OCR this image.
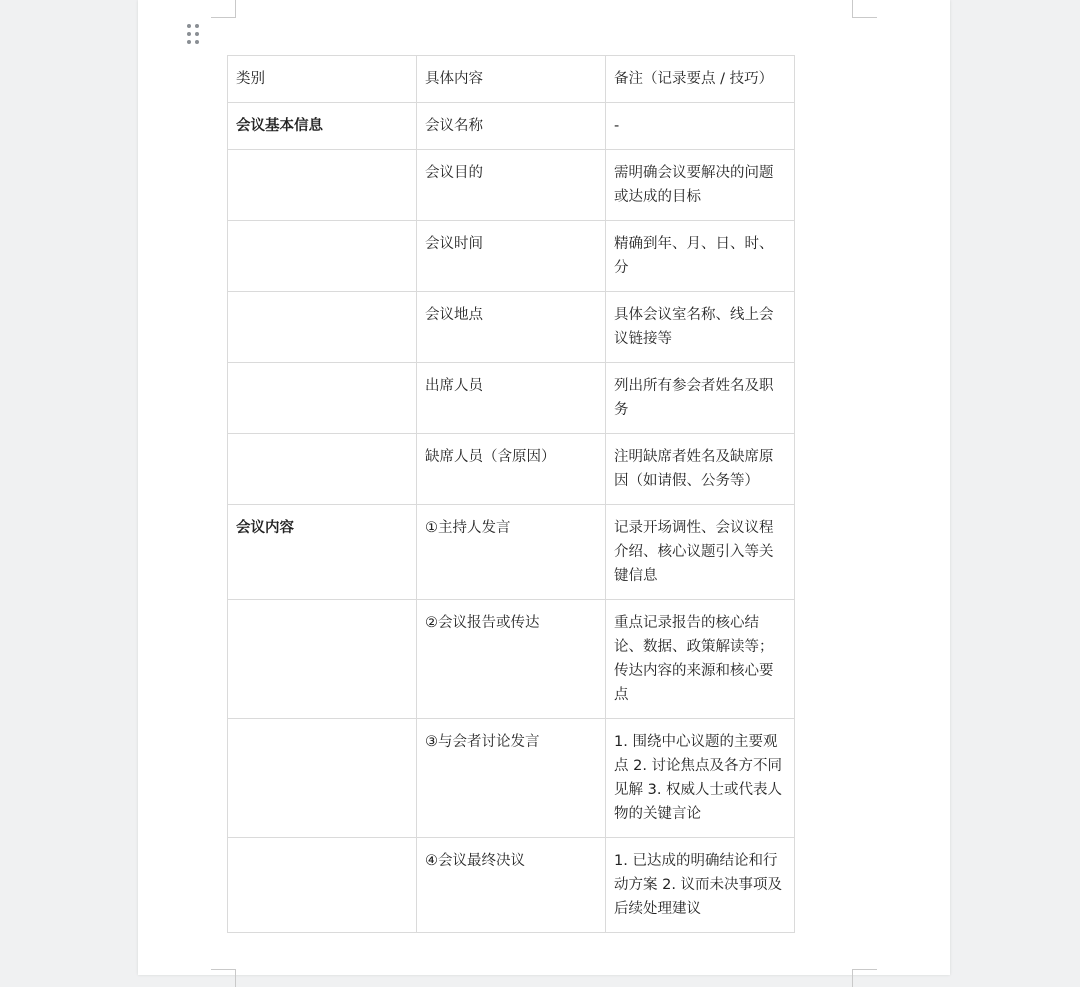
类别	具体内容	备注（记录要点 / 技巧）
会议基本信息	会议名称	-
	会议目的	需明确会议要解决的问题或达成的目标
	会议时间	精确到年、月、日、时、分
	会议地点	具体会议室名称、线上会议链接等
	出席人员	列出所有参会者姓名及职务
	缺席人员（含原因）	注明缺席者姓名及缺席原因（如请假、公务等）
会议内容	①主持人发言	记录开场调性、会议议程介绍、核心议题引入等关键信息
	②会议报告或传达	重点记录报告的核心结论、数据、政策解读等；传达内容的来源和核心要点
	③与会者讨论发言	1. 围绕中心议题的主要观点 2. 讨论焦点及各方不同见解 3. 权威人士或代表人物的关键言论
	④会议最终决议	1. 已达成的明确结论和行动方案 2. 议而未决事项及后续处理建议
